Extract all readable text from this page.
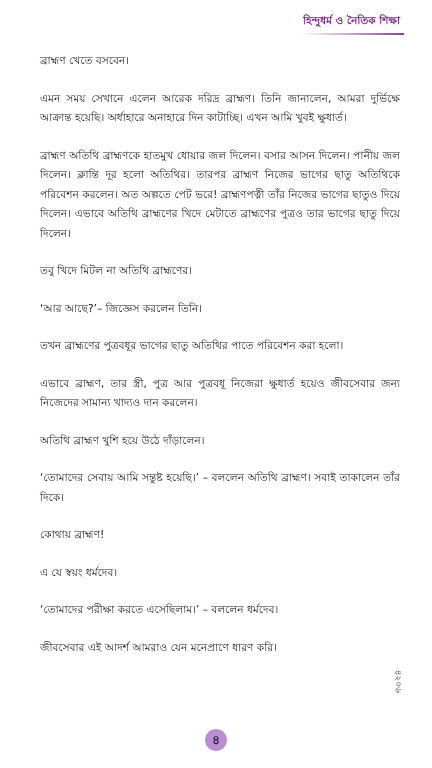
হিন্দুধর্ম ও নৈতিক শিক্ষা

ব্রাহ্মণ খেতে বসবেন।

এমন সময় সেখানে এলেন আরেক দরিদ্র ব্রাহ্মণ। তিনি জানালেন, আমরা দুর্ভিক্ষে আক্রান্ত হয়েছি। অর্ধাহারে অনাহারে দিন কাটাচ্ছি। এখন আমি খুবই ক্ষুধার্ত।

ব্রাহ্মণ অতিথি ব্রাহ্মণকে হাতমুখ ধোয়ার জল দিলেন। বসার আসন দিলেন। পানীয় জল দিলেন। ক্লান্তি দূর হলো অতিথির। তারপর ব্রাহ্মণ নিজের ভাগের ছাতু অতিথিকে পরিবেশন করলেন। অত অল্পতে পেট ভরে! ব্রাহ্মণপত্নী তাঁর নিজের ভাগের ছাতুও দিয়ে দিলেন। এভাবে অতিথি ব্রাহ্মণের খিদে মেটাতে ব্রাহ্মণের পুত্রও তার ভাগের ছাতু দিয়ে দিলেন।

তবু খিদে মিটল না অতিথি ব্রাহ্মণের।

‘আর আছে?’– জিজ্ঞেস করলেন তিনি।

তখন ব্রাহ্মণের পুত্রবধূর ভাগের ছাতু অতিথির পাতে পরিবেশন করা হলো।

এভাবে ব্রাহ্মণ, তার স্ত্রী, পুত্র আর পুত্রবধূ নিজেরা ক্ষুধার্ত হয়েও জীবসেবার জন্য নিজেদের সামান্য খাদ্যও দান করলেন।

অতিথি ব্রাহ্মণ খুশি হয়ে উঠে দাঁড়ালেন।

‘তোমাদের সেবায় আমি সন্তুষ্ট হয়েছি।’ – বললেন অতিথি ব্রাহ্মণ। সবাই তাকালেন তাঁর দিকে।

কোথায় ব্রাহ্মণ!

এ যে স্বয়ং ধর্মদেব।

‘তোমাদের পরীক্ষা করতে এসেছিলাম।’ – বললেন ধর্মদেব।

জীবসেবার এই আদর্শ আমরাও যেন মনেপ্রাণে ধারণ করি।

৪২০৬
৪
